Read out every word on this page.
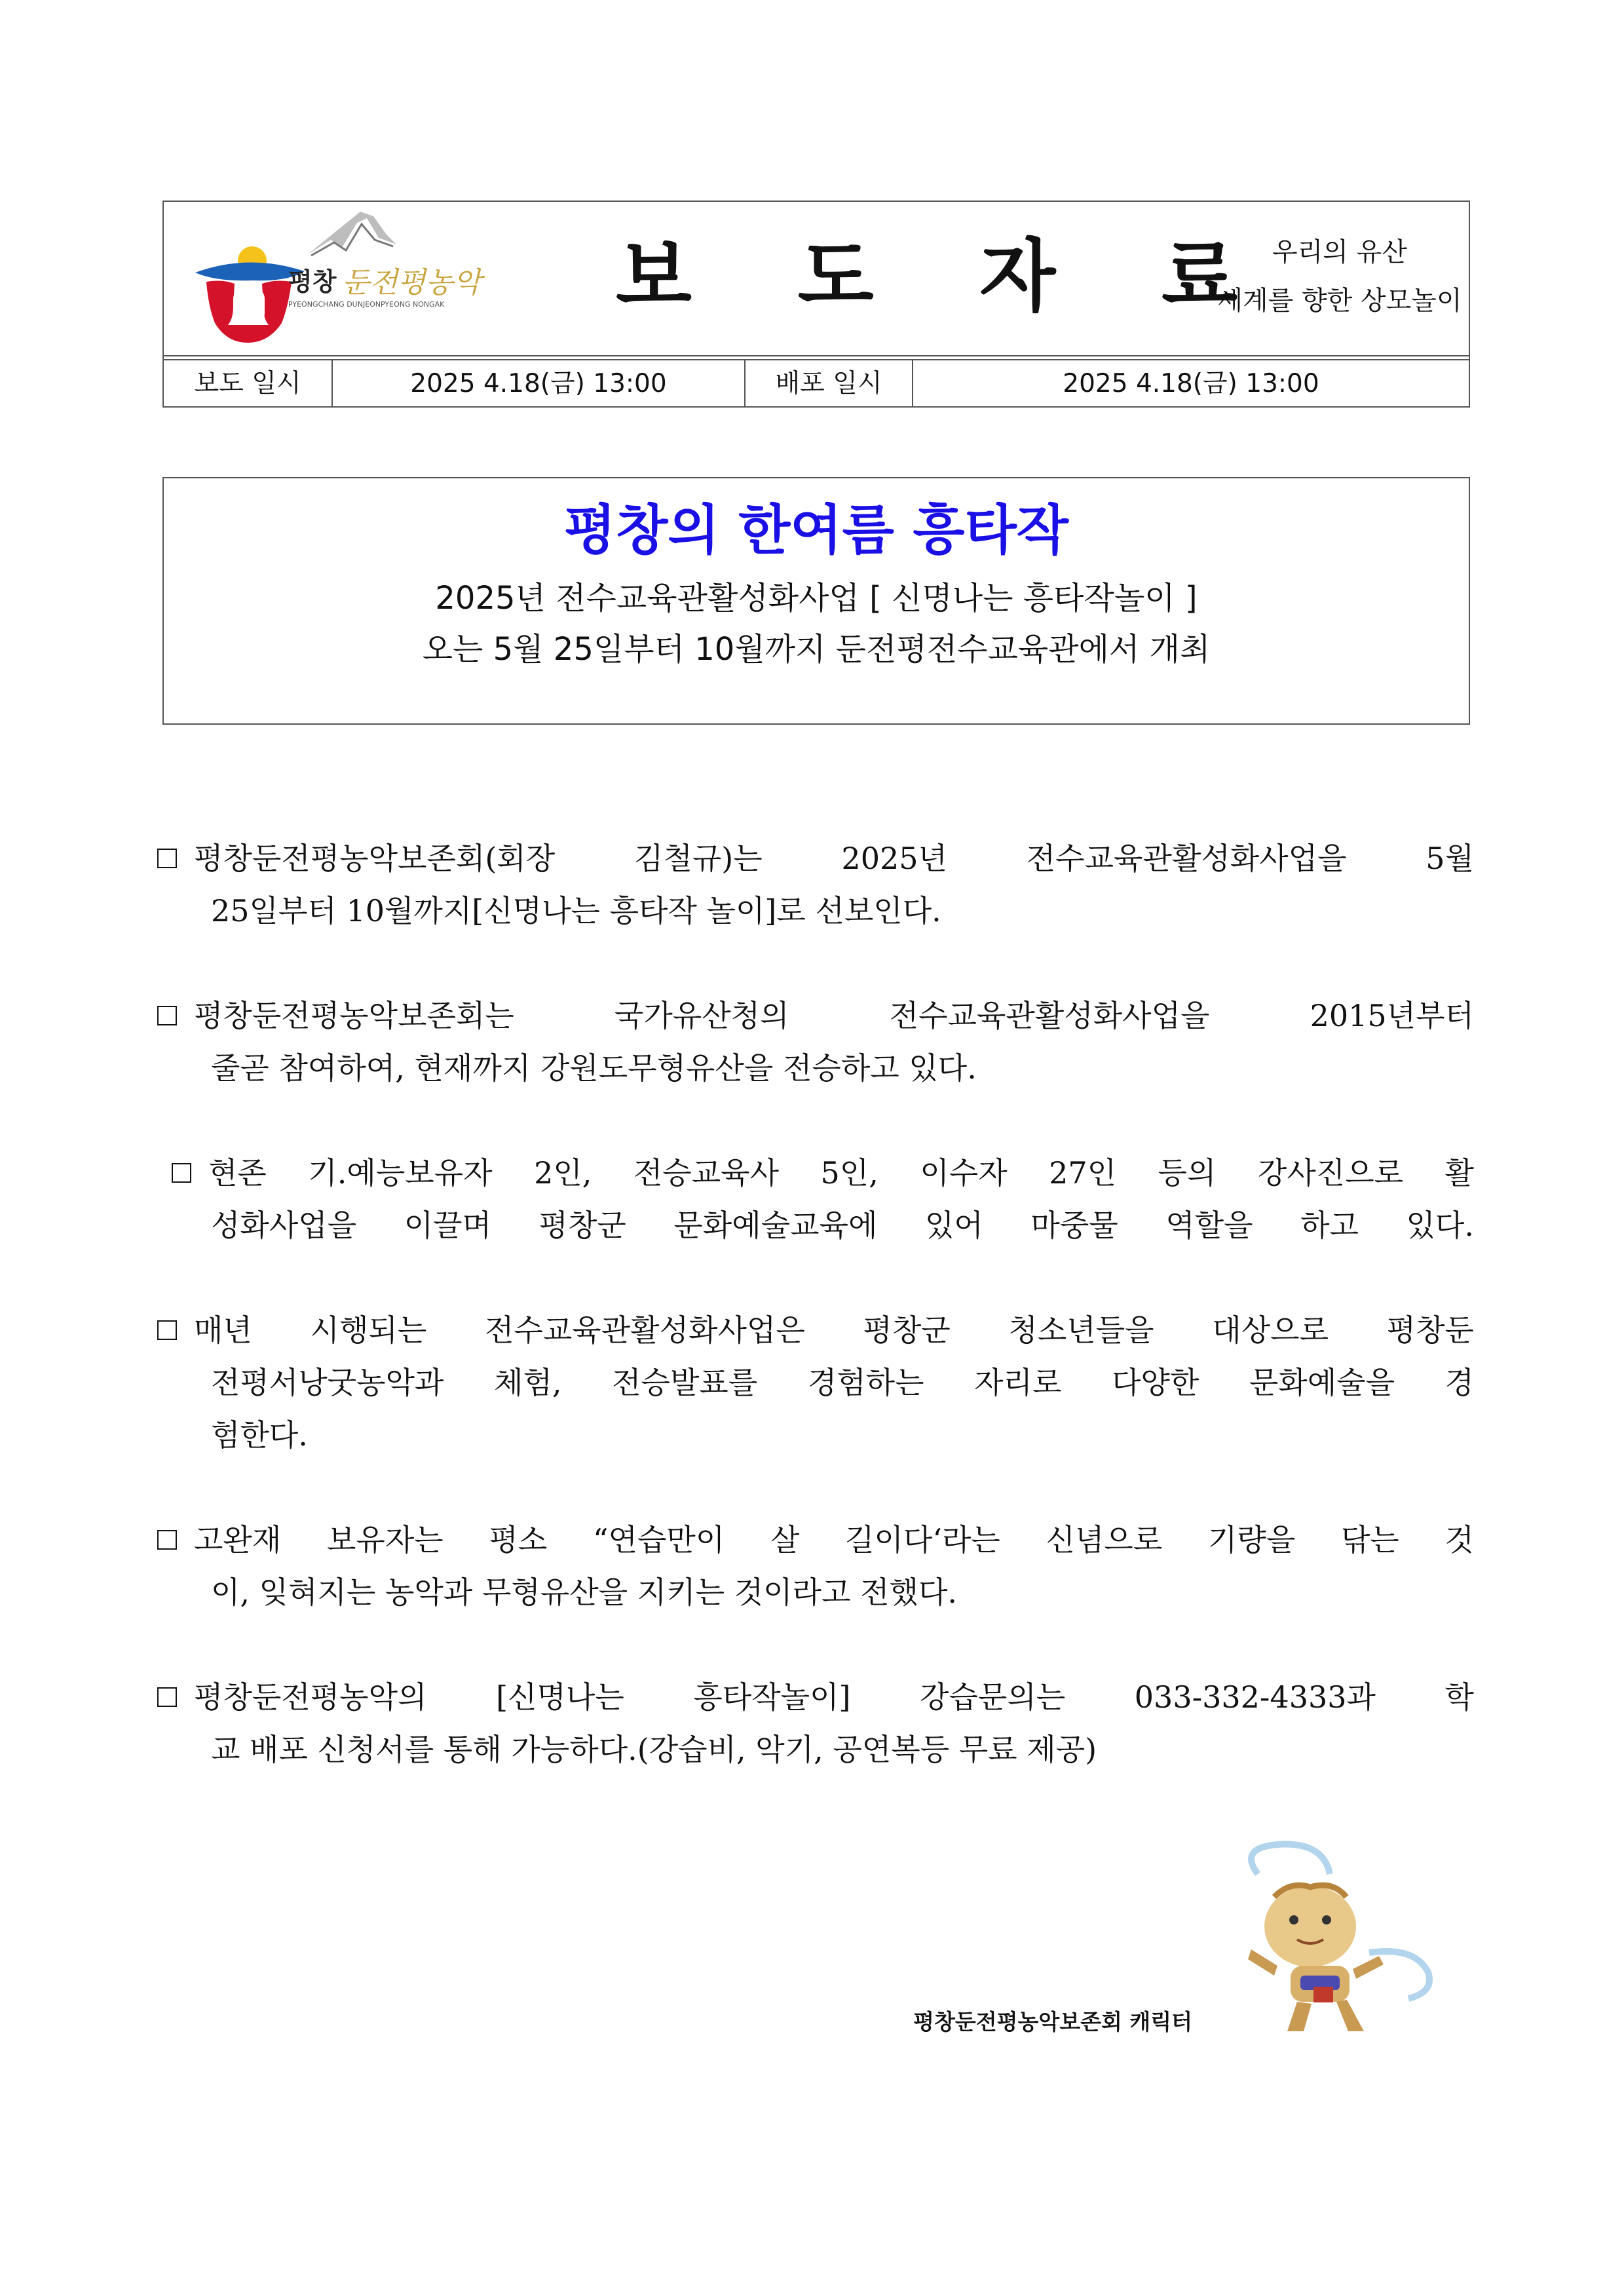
평창 둔전평농악
PYEONGCHANG DUNJEONPYEONG NONGAK 보 도 자 료
우리의 유산
세계를 향한 상모놀이
보도 일시	2025 4.18(금) 13:00	배포 일시	2025 4.18(금) 13:00
평창의 한여름 흥타작
2025년 전수교육관활성화사업 [ 신명나는 흥타작놀이 ]
오는 5월 25일부터 10월까지 둔전평전수교육관에서 개최
평창둔전평농악보존회(회장 김철규)는 2025년 전수교육관활성화사업을 5월
25일부터 10월까지[신명나는 흥타작 놀이]로 선보인다.
평창둔전평농악보존회는 국가유산청의 전수교육관활성화사업을 2015년부터
줄곧 참여하여, 현재까지 강원도무형유산을 전승하고 있다.
현존 기.예능보유자 2인, 전승교육사 5인, 이수자 27인 등의 강사진으로 활
성화사업을 이끌며 평창군 문화예술교육에 있어 마중물 역할을 하고 있다.
매년 시행되는 전수교육관활성화사업은 평창군 청소년들을 대상으로 평창둔
전평서낭굿농악과 체험, 전승발표를 경험하는 자리로 다양한 문화예술을 경
험한다.
고완재 보유자는 평소 “연습만이 살 길이다‘라는 신념으로 기량을 닦는 것
이, 잊혀지는 농악과 무형유산을 지키는 것이라고 전했다.
평창둔전평농악의 [신명나는 흥타작놀이] 강습문의는 033-332-4333과 학
교 배포 신청서를 통해 가능하다.(강습비, 악기, 공연복등 무료 제공)
평창둔전평농악보존회 캐릭터
